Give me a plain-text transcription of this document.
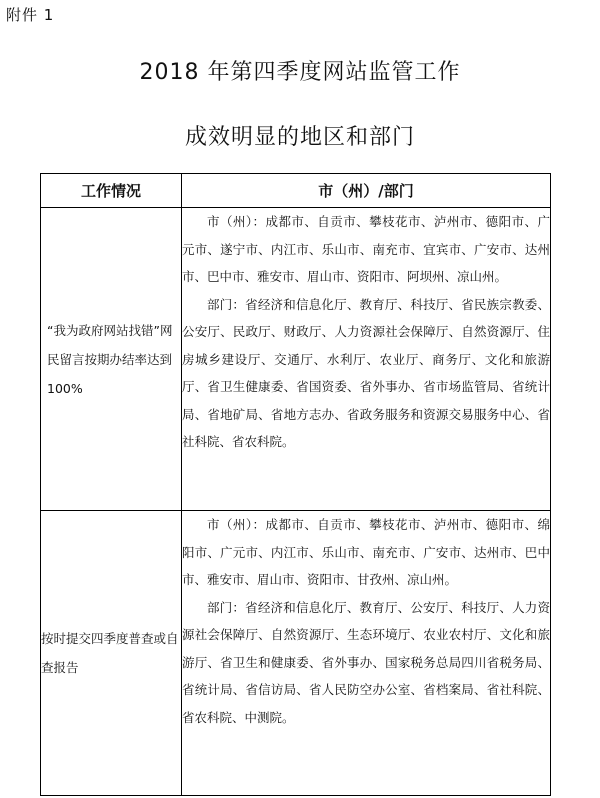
附件 1
2018 年第四季度网站监管工作
成效明显的地区和部门
工作情况	市（州）/部门

“我为政府网站找错”网民留言按期办结率达到 100%	市（州）：成都市、自贡市、攀枝花市、泸州市、德阳市、广元市、遂宁市、内江市、乐山市、南充市、宜宾市、广安市、达州市、巴中市、雅安市、眉山市、资阳市、阿坝州、凉山州。

部门：省经济和信息化厅、教育厅、科技厅、省民族宗教委、公安厅、民政厅、财政厅、人力资源社会保障厅、自然资源厅、住房城乡建设厅、交通厅、水利厅、农业厅、商务厅、文化和旅游厅、省卫生健康委、省国资委、省外事办、省市场监管局、省统计局、省地矿局、省地方志办、省政务服务和资源交易服务中心、省社科院、省农科院。

按时提交四季度普查或自查报告	市（州）：成都市、自贡市、攀枝花市、泸州市、德阳市、绵阳市、广元市、内江市、乐山市、南充市、广安市、达州市、巴中市、雅安市、眉山市、资阳市、甘孜州、凉山州。

部门：省经济和信息化厅、教育厅、公安厅、科技厅、人力资源社会保障厅、自然资源厅、生态环境厅、农业农村厅、文化和旅游厅、省卫生和健康委、省外事办、国家税务总局四川省税务局、省统计局、省信访局、省人民防空办公室、省档案局、省社科院、省农科院、中测院。
